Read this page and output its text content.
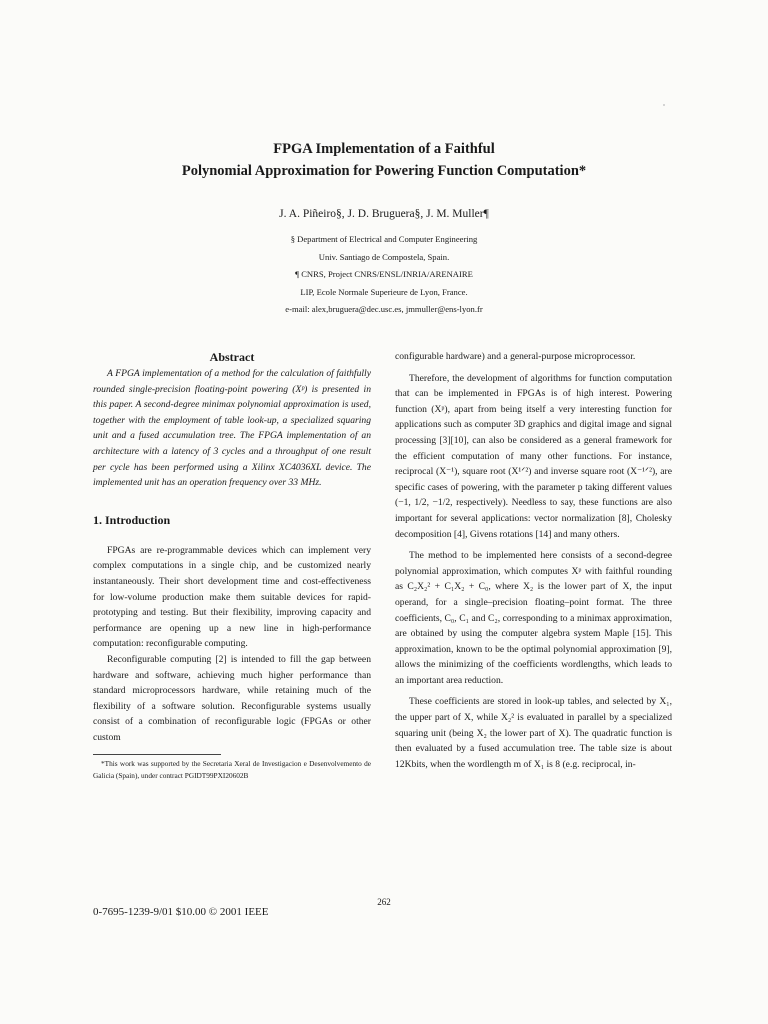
FPGA Implementation of a Faithful
Polynomial Approximation for Powering Function Computation*
J. A. Piñeiro§, J. D. Bruguera§, J. M. Muller¶
§ Department of Electrical and Computer Engineering
Univ. Santiago de Compostela, Spain.
¶ CNRS, Project CNRS/ENSL/INRIA/ARENAIRE
LIP, Ecole Normale Superieure de Lyon, France.
e-mail: alex,bruguera@dec.usc.es, jmmuller@ens-lyon.fr

Abstract

A FPGA implementation of a method for the calculation of faithfully rounded single-precision floating-point powering (Xᵖ) is presented in this paper. A second-degree minimax polynomial approximation is used, together with the employment of table look-up, a specialized squaring unit and a fused accumulation tree. The FPGA implementation of an architecture with a latency of 3 cycles and a throughput of one result per cycle has been performed using a Xilinx XC4036XL device. The implemented unit has an operation frequency over 33 MHz.

1. Introduction

FPGAs are re-programmable devices which can implement very complex computations in a single chip, and be customized nearly instantaneously. Their short development time and cost-effectiveness for low-volume production make them suitable devices for rapid-prototyping and testing. But their flexibility, improving capacity and performance are opening up a new line in high-performance computation: reconfigurable computing.

Reconfigurable computing [2] is intended to fill the gap between hardware and software, achieving much higher performance than standard microprocessors hardware, while retaining much of the flexibility of a software solution. Reconfigurable systems usually consist of a combination of reconfigurable logic (FPGAs or other custom

*This work was supported by the Secretaria Xeral de Investigacion e Desenvolvemento de Galicia (Spain), under contract PGIDT99PXI20602B

configurable hardware) and a general-purpose microprocessor.

Therefore, the development of algorithms for function computation that can be implemented in FPGAs is of high interest. Powering function (Xᵖ), apart from being itself a very interesting function for applications such as computer 3D graphics and digital image and signal processing [3][10], can also be considered as a general framework for the efficient computation of many other functions. For instance, reciprocal (X⁻¹), square root (X¹ᐟ²) and inverse square root (X⁻¹ᐟ²), are specific cases of powering, with the parameter p taking different values (−1, 1/2, −1/2, respectively). Needless to say, these functions are also important for several applications: vector normalization [8], Cholesky decomposition [4], Givens rotations [14] and many others.

The method to be implemented here consists of a second-degree polynomial approximation, which computes Xᵖ with faithful rounding as C₂X₂² + C₁X₂ + C₀, where X₂ is the lower part of X, the input operand, for a single–precision floating–point format. The three coefficients, C₀, C₁ and C₂, corresponding to a minimax approximation, are obtained by using the computer algebra system Maple [15]. This approximation, known to be the optimal polynomial approximation [9], allows the minimizing of the coefficients wordlengths, which leads to an important area reduction.

These coefficients are stored in look-up tables, and selected by X₁, the upper part of X, while X₂² is evaluated in parallel by a specialized squaring unit (being X₂ the lower part of X). The quadratic function is then evaluated by a fused accumulation tree. The table size is about 12Kbits, when the wordlength m of X₁ is 8 (e.g. reciprocal, in-

262
0-7695-1239-9/01 $10.00 © 2001 IEEE
